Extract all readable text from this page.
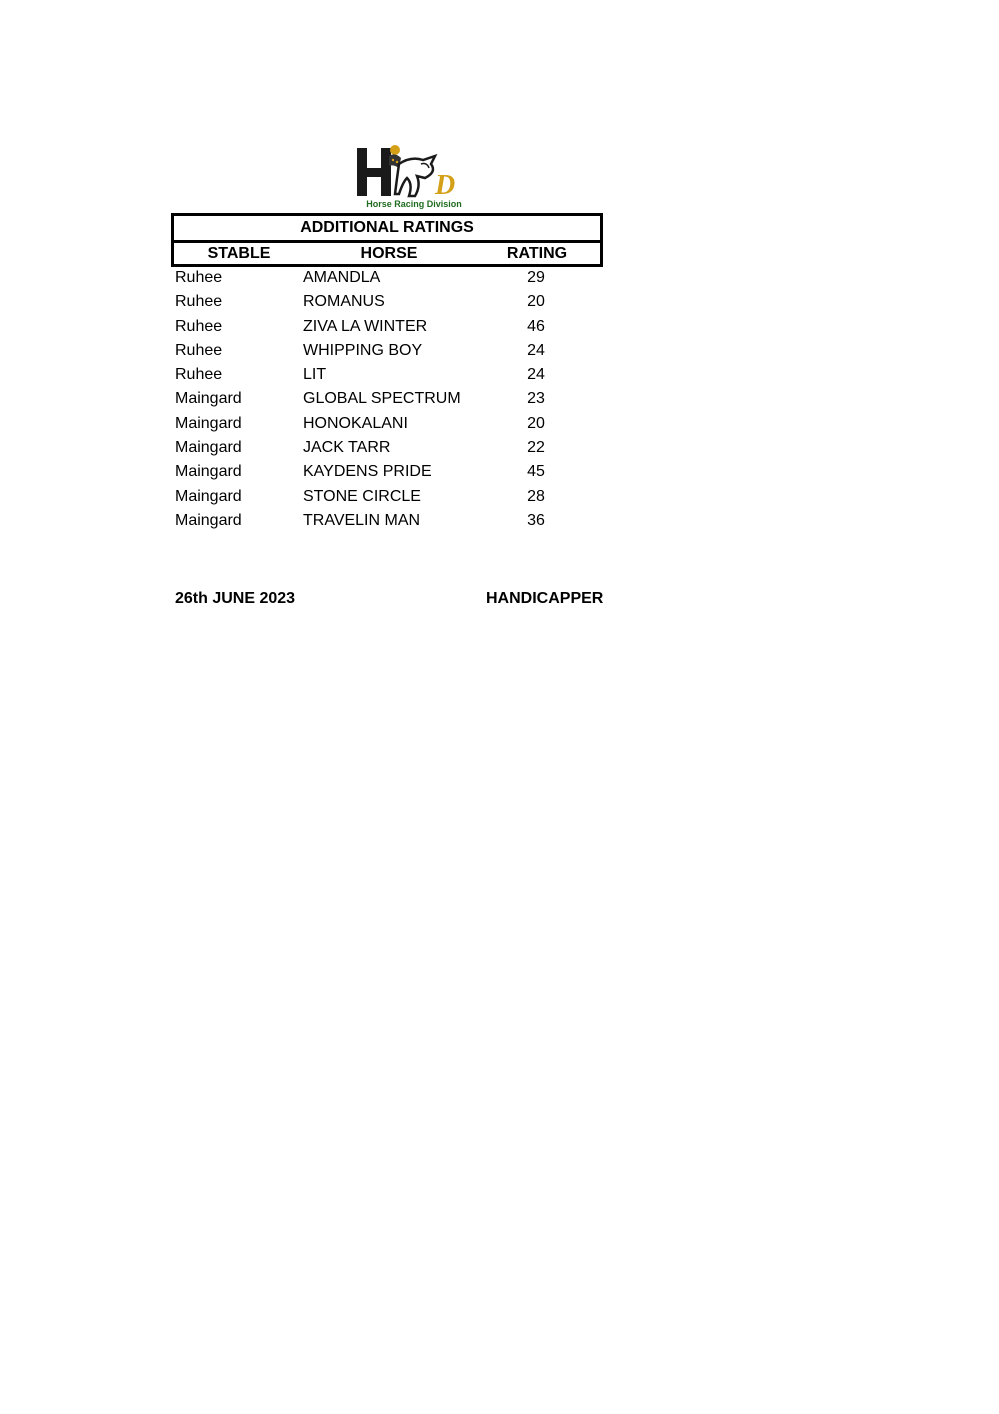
D
Horse Racing Division
ADDITIONAL RATINGS
STABLE	HORSE	RATING
Ruhee	AMANDLA	29
Ruhee	ROMANUS	20
Ruhee	ZIVA LA WINTER	46
Ruhee	WHIPPING BOY	24
Ruhee	LIT	24
Maingard	GLOBAL SPECTRUM	23
Maingard	HONOKALANI	20
Maingard	JACK TARR	22
Maingard	KAYDENS PRIDE	45
Maingard	STONE CIRCLE	28
Maingard	TRAVELIN MAN	36
26th JUNE 2023	HANDICAPPER
